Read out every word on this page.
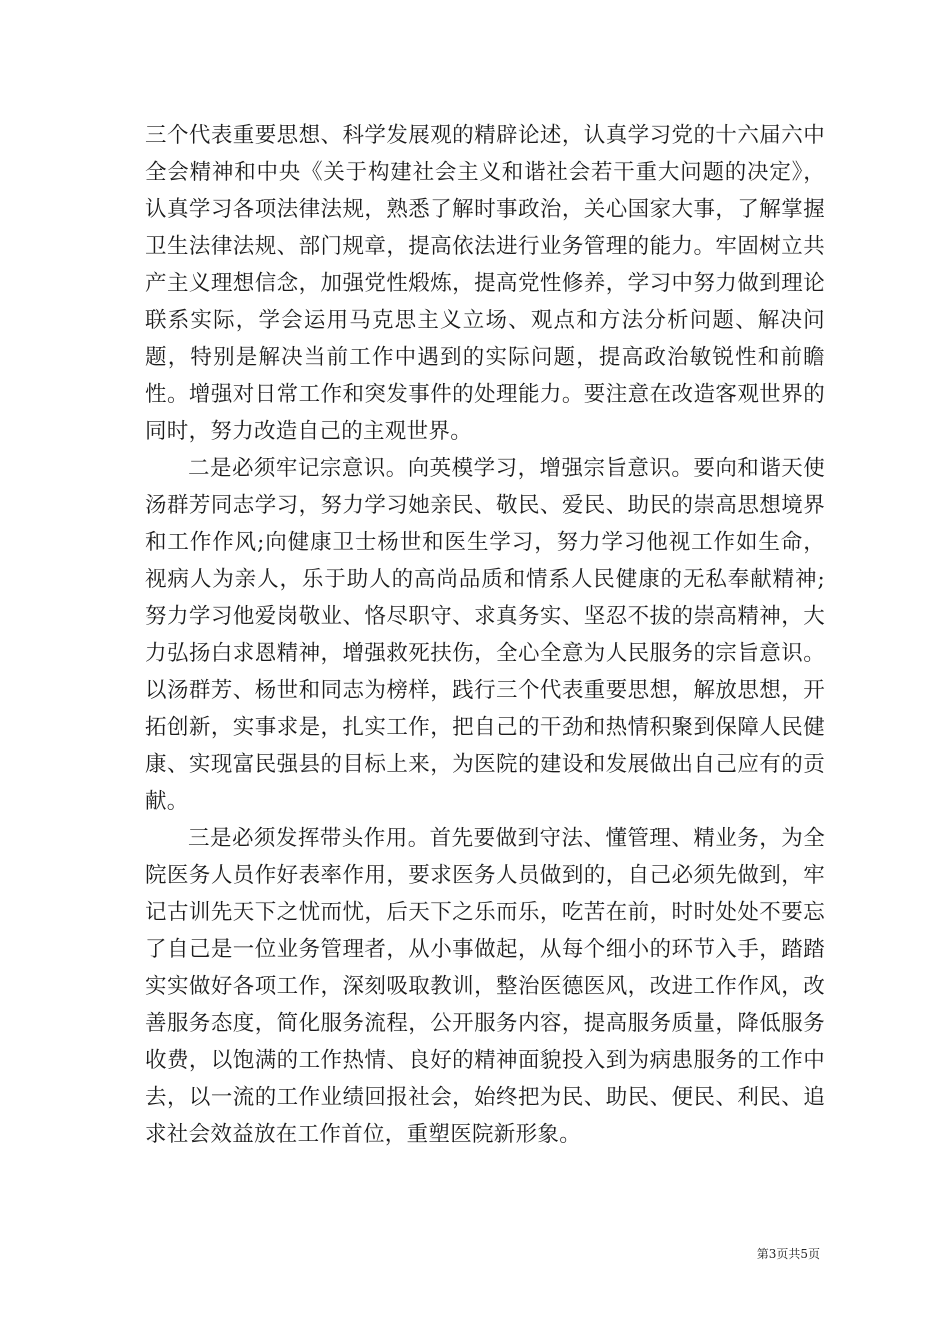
三个代表重要思想、科学发展观的精辟论述，认真学习党的十六届六中全会精神和中央《关于构建社会主义和谐社会若干重大问题的决定》，认真学习各项法律法规，熟悉了解时事政治，关心国家大事，了解掌握卫生法律法规、部门规章，提高依法进行业务管理的能力。牢固树立共产主义理想信念，加强党性煅炼，提高党性修养，学习中努力做到理论联系实际，学会运用马克思主义立场、观点和方法分析问题、解决问题，特别是解决当前工作中遇到的实际问题，提高政治敏锐性和前瞻性。增强对日常工作和突发事件的处理能力。要注意在改造客观世界的同时，努力改造自己的主观世界。

二是必须牢记宗意识。向英模学习，增强宗旨意识。要向和谐天使汤群芳同志学习，努力学习她亲民、敬民、爱民、助民的崇高思想境界和工作作风;向健康卫士杨世和医生学习，努力学习他视工作如生命，视病人为亲人，乐于助人的高尚品质和情系人民健康的无私奉献精神;努力学习他爱岗敬业、恪尽职守、求真务实、坚忍不拔的崇高精神，大力弘扬白求恩精神，增强救死扶伤，全心全意为人民服务的宗旨意识。以汤群芳、杨世和同志为榜样，践行三个代表重要思想，解放思想，开拓创新，实事求是，扎实工作，把自己的干劲和热情积聚到保障人民健康、实现富民强县的目标上来，为医院的建设和发展做出自己应有的贡献。

三是必须发挥带头作用。首先要做到守法、懂管理、精业务，为全院医务人员作好表率作用，要求医务人员做到的，自己必须先做到，牢记古训先天下之忧而忧，后天下之乐而乐，吃苦在前，时时处处不要忘了自己是一位业务管理者，从小事做起，从每个细小的环节入手，踏踏实实做好各项工作，深刻吸取教训，整治医德医风，改进工作作风，改善服务态度，简化服务流程，公开服务内容，提高服务质量，降低服务收费，以饱满的工作热情、良好的精神面貌投入到为病患服务的工作中去，以一流的工作业绩回报社会，始终把为民、助民、便民、利民、追求社会效益放在工作首位，重塑医院新形象。

第3页共5页
